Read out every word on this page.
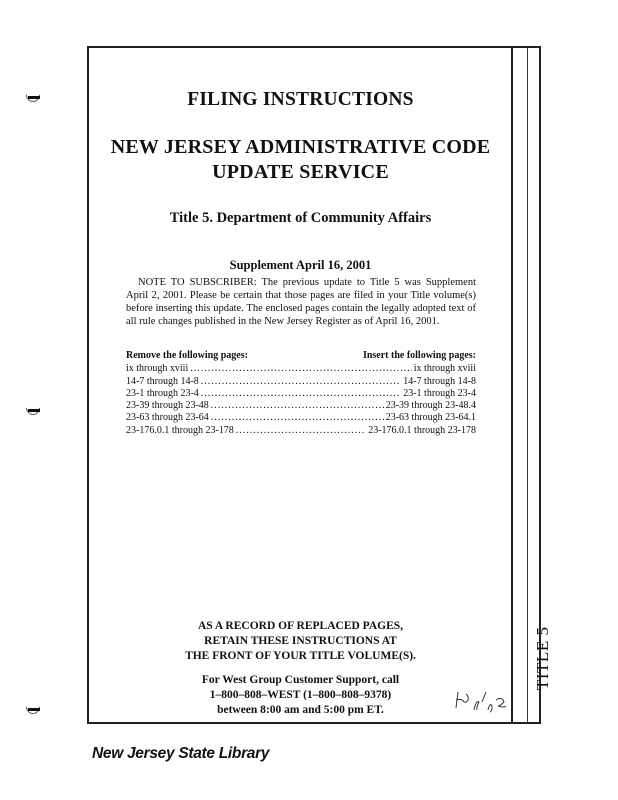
TITLE 5
FILING INSTRUCTIONS
NEW JERSEY ADMINISTRATIVE CODE
UPDATE SERVICE
Title 5. Department of Community Affairs
Supplement April 16, 2001
NOTE TO SUBSCRIBER: The previous update to Title 5 was Supplement April 2, 2001. Please be certain that those pages are filed in your Title volume(s) before inserting this update. The enclosed pages contain the legally adopted text of all rule changes published in the New Jersey Register as of April 16, 2001.
Remove the following pages:	Insert the following pages:
ix through xviii .....	ix through xviii
14-7 through 14-8 .....	14-7 through 14-8
23-1 through 23-4 .....	23-1 through 23-4
23-39 through 23-48 .....	23-39 through 23-48.4
23-63 through 23-64 .....	23-63 through 23-64.1
23-176.0.1 through 23-178 .....	23-176.0.1 through 23-178
AS A RECORD OF REPLACED PAGES,
RETAIN THESE INSTRUCTIONS AT
THE FRONT OF YOUR TITLE VOLUME(S).
For West Group Customer Support, call
1–800–808–WEST (1–800–808–9378)
between 8:00 am and 5:00 pm ET.
New Jersey State Library
